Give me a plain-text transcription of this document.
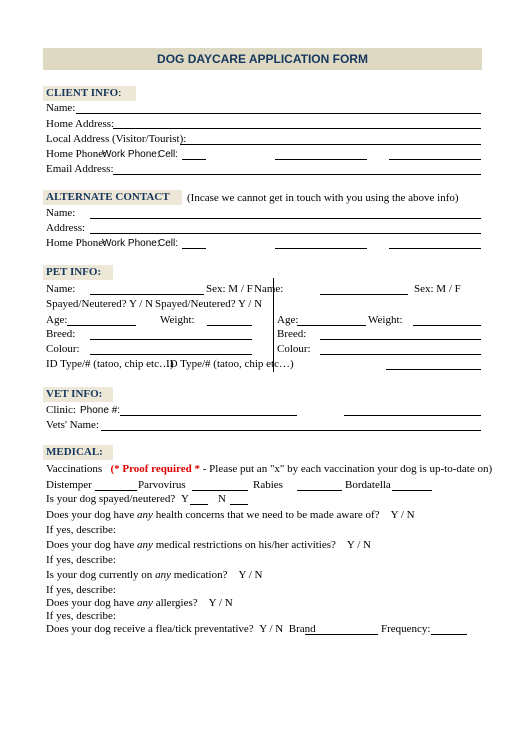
DOG DAYCARE APPLICATION FORM
CLIENT INFO:
Name:
Home Address:
Local Address (Visitor/Tourist):
Home Phone:
Work Phone:
Cell:
Email Address:
ALTERNATE CONTACT (Incase we cannot get in touch with you using the above info)
Name:
Address:
Home Phone:
Work Phone:
Cell:
PET INFO:
Name:	Sex: M / F Name:	Sex: M / F
Spayed/Neutered? Y / N Spayed/Neutered? Y / N
Age:	Weight:	Age:	Weight:
Breed:	Breed:
Colour:	Colour:
ID Type/# (tatoo, chip etc…)
ID Type/# (tatoo, chip etc…)
VET INFO:
Clinic: Phone #:
Vets' Name:
MEDICAL:
Vaccinations (* Proof required * - Please put an "x" by each vaccination your dog is up-to-date on)
Distemper	Parvovirus	Rabies	Bordatella
Is your dog spayed/neutered? Y	N
Does your dog have any health concerns that we need to be made aware of? Y / N
If yes, describe:
Does your dog have any medical restrictions on his/her activities? Y / N
If yes, describe:
Is your dog currently on any medication? Y / N
If yes, describe:
Does your dog have any allergies? Y / N
If yes, describe:
Does your dog receive a flea/tick preventative? Y / N Brand	Frequency:
